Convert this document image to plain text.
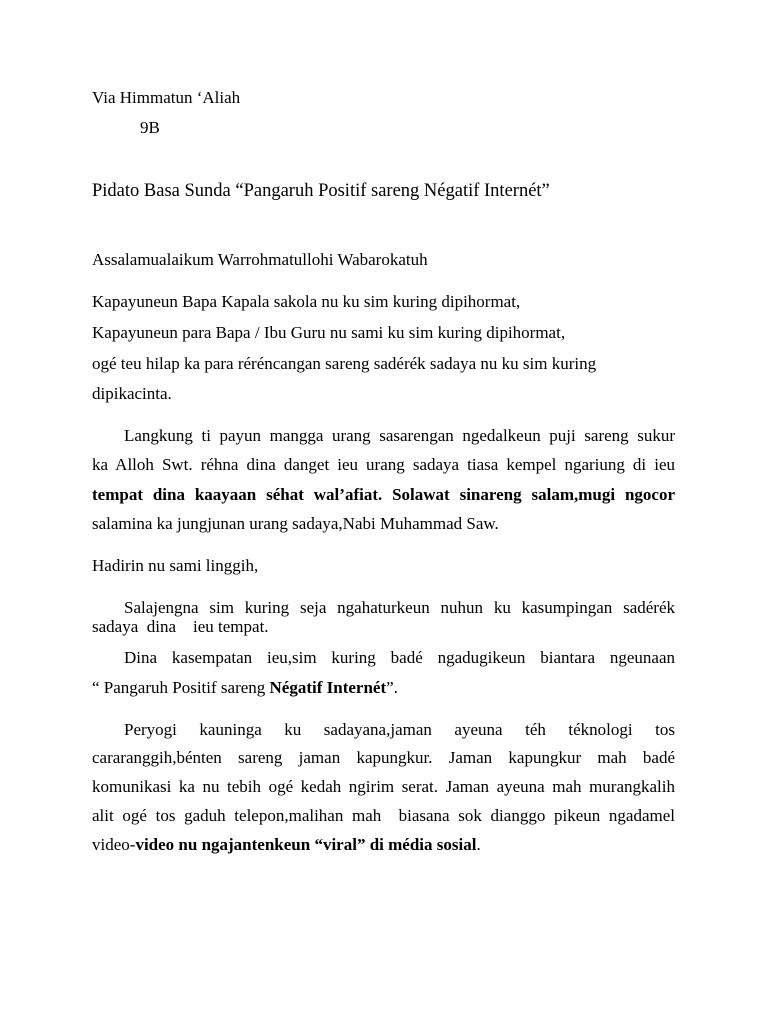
Via Himmatun ‘Aliah
9B
Pidato Basa Sunda “Pangaruh Positif sareng Négatif Internét”
Assalamualaikum Warrohmatullohi Wabarokatuh
Kapayuneun Bapa Kapala sakola nu ku sim kuring dipihormat,
Kapayuneun para Bapa / Ibu Guru nu sami ku sim kuring dipihormat,
ogé teu hilap ka para réréncangan sareng sadérék sadaya nu ku sim kuring
dipikacinta.
Langkung ti payun mangga urang sasarengan ngedalkeun puji sareng sukur
ka Alloh Swt. réhna dina danget ieu urang sadaya tiasa kempel ngariung di ieu
tempat dina kaayaan séhat wal’afiat. Solawat sinareng salam,mugi ngocor
salamina ka jungjunan urang sadaya,Nabi Muhammad Saw.
Hadirin nu sami linggih,
Salajengna sim kuring seja ngahaturkeun nuhun ku kasumpingan sadérék
sadaya  dina    ieu tempat.
Dina kasempatan ieu,sim kuring badé ngadugikeun biantara ngeunaan
“ Pangaruh Positif sareng Négatif Internét”.
Peryogi kauninga ku sadayana,jaman ayeuna téh téknologi tos
cararanggih,bénten sareng jaman kapungkur. Jaman kapungkur mah badé
komunikasi ka nu tebih ogé kedah ngirim serat. Jaman ayeuna mah murangkalih
alit ogé tos gaduh telepon,malihan mah  biasana sok dianggo pikeun ngadamel
video-video nu ngajantenkeun “viral” di média sosial.
